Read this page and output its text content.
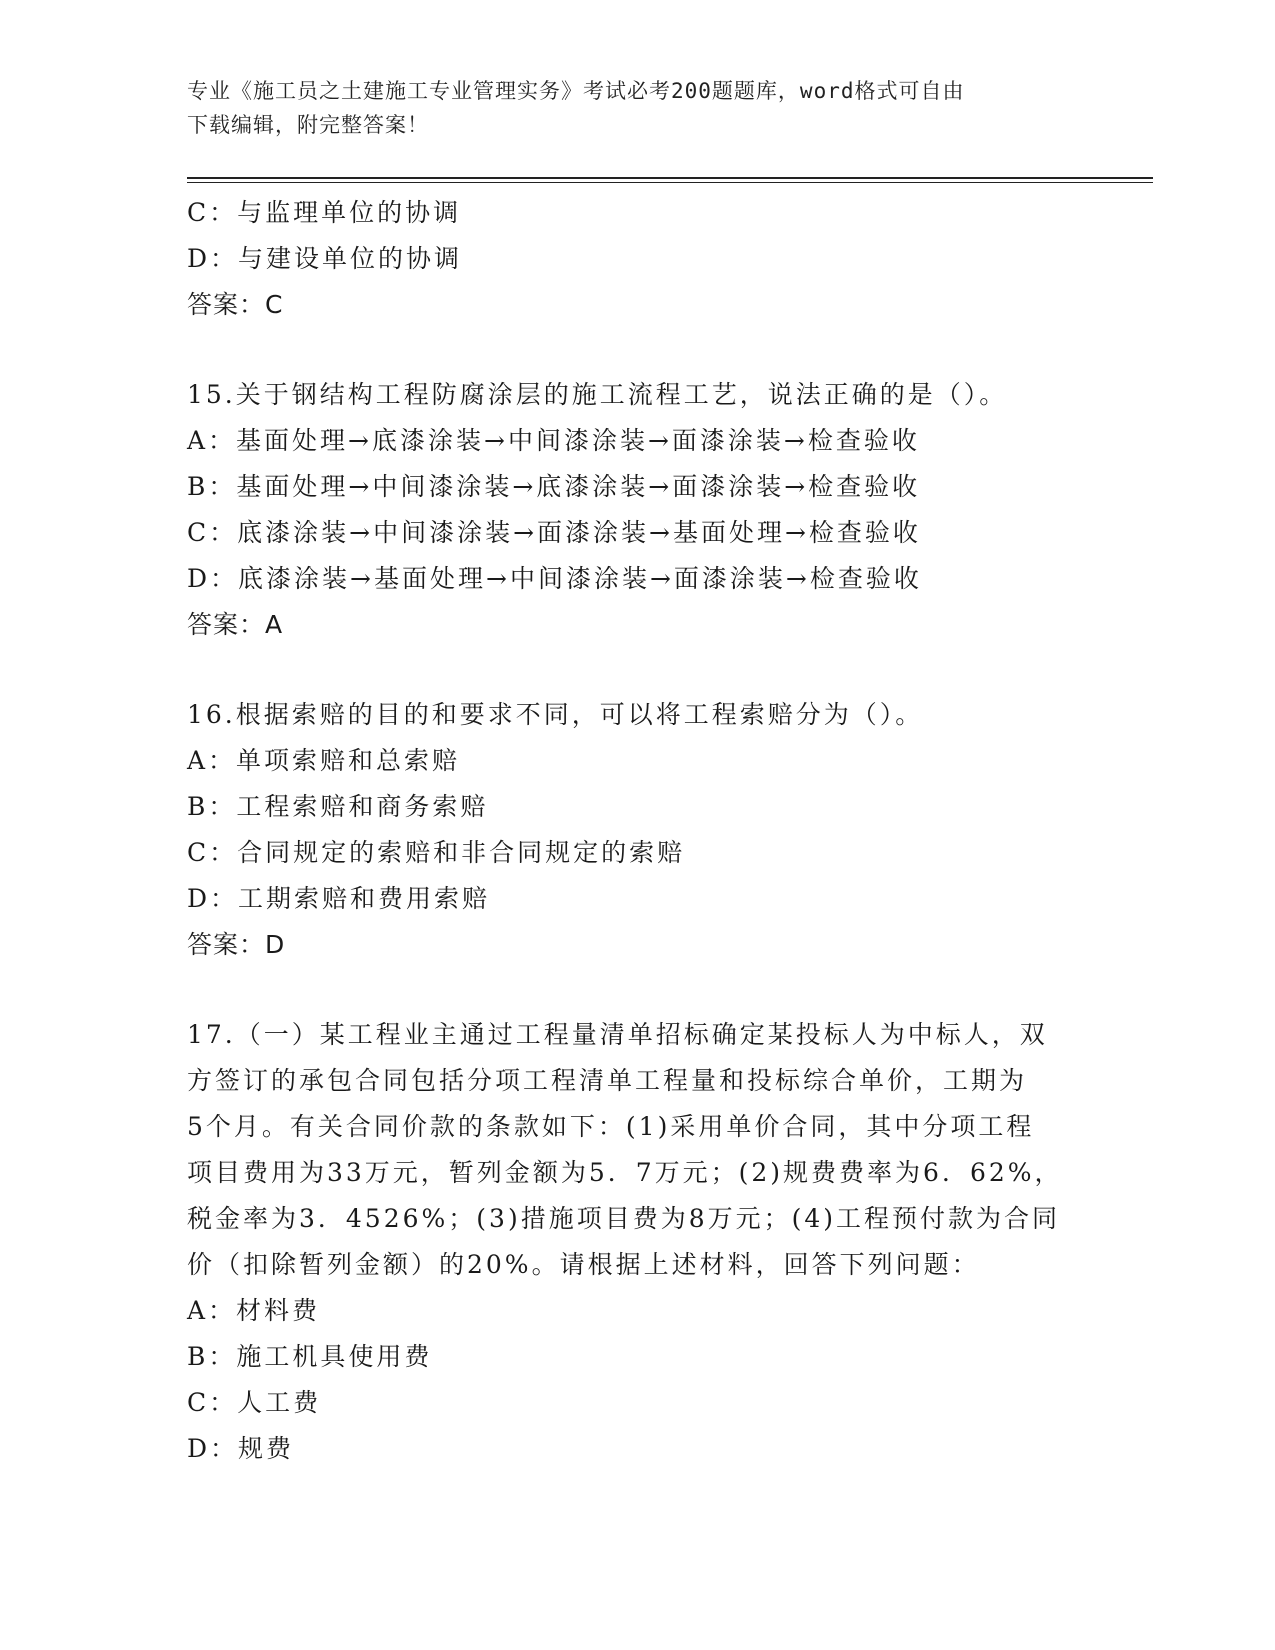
专业《施工员之土建施工专业管理实务》考试必考200题题库，word格式可自由
下载编辑，附完整答案！
C：与监理单位的协调
D：与建设单位的协调
答案：C
15.关于钢结构工程防腐涂层的施工流程工艺，说法正确的是（）。
A：基面处理→底漆涂装→中间漆涂装→面漆涂装→检查验收
B：基面处理→中间漆涂装→底漆涂装→面漆涂装→检查验收
C：底漆涂装→中间漆涂装→面漆涂装→基面处理→检查验收
D：底漆涂装→基面处理→中间漆涂装→面漆涂装→检查验收
答案：A
16.根据索赔的目的和要求不同，可以将工程索赔分为（）。
A：单项索赔和总索赔
B：工程索赔和商务索赔
C：合同规定的索赔和非合同规定的索赔
D：工期索赔和费用索赔
答案：D
17.（一）某工程业主通过工程量清单招标确定某投标人为中标人，双
方签订的承包合同包括分项工程清单工程量和投标综合单价，工期为
5个月。有关合同价款的条款如下：(1)采用单价合同，其中分项工程
项目费用为33万元，暂列金额为5．7万元；(2)规费费率为6．62%，
税金率为3．4526%；(3)措施项目费为8万元；(4)工程预付款为合同
价（扣除暂列金额）的20%。请根据上述材料，回答下列问题：
A：材料费
B：施工机具使用费
C：人工费
D：规费
